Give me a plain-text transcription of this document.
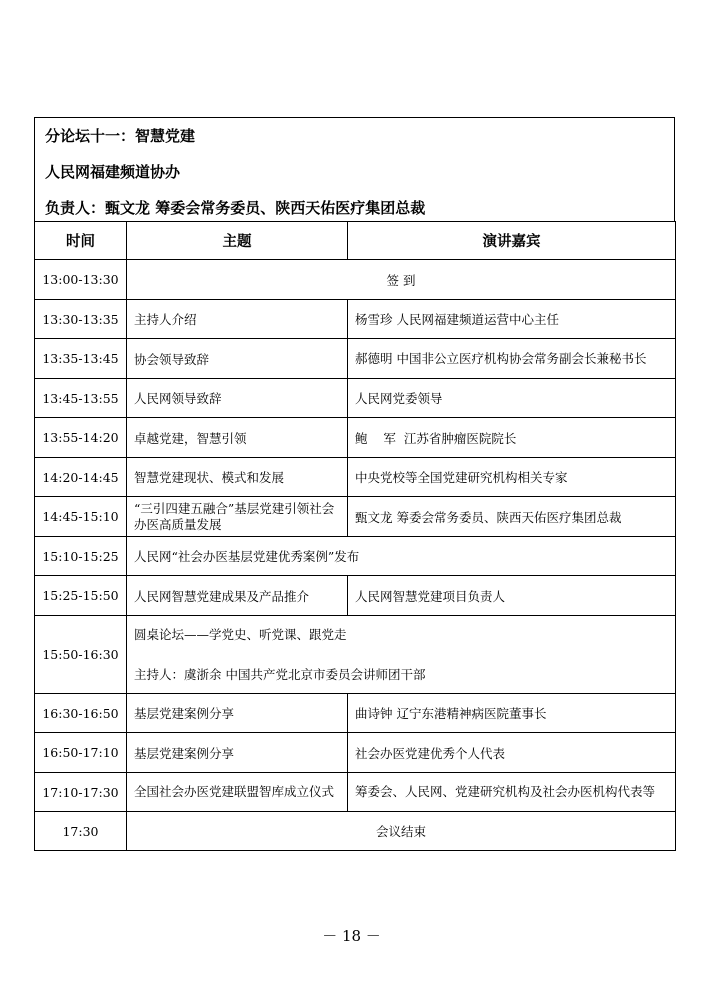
分论坛十一：智慧党建
人民网福建频道协办
负责人：甄文龙 筹委会常务委员、陕西天佑医疗集团总裁
时间	主题	演讲嘉宾
13:00-13:30	签 到	
13:30-13:35	主持人介绍	杨雪珍 人民网福建频道运营中心主任
13:35-13:45	协会领导致辞	郝德明 中国非公立医疗机构协会常务副会长兼秘书长
13:45-13:55	人民网领导致辞	人民网党委领导
13:55-14:20	卓越党建，智慧引领	鲍    军  江苏省肿瘤医院院长
14:20-14:45	智慧党建现状、模式和发展	中央党校等全国党建研究机构相关专家
14:45-15:10	“三引四建五融合”基层党建引领社会办医高质量发展	甄文龙 筹委会常务委员、陕西天佑医疗集团总裁
15:10-15:25	人民网“社会办医基层党建优秀案例”发布	
15:25-15:50	人民网智慧党建成果及产品推介	人民网智慧党建项目负责人
15:50-16:30	圆桌论坛——学党史、听党课、跟党走
主持人：虞浙余 中国共产党北京市委员会讲师团干部	

16:30-16:50	基层党建案例分享	曲诗钟 辽宁东港精神病医院董事长
16:50-17:10	基层党建案例分享	社会办医党建优秀个人代表
17:10-17:30	全国社会办医党建联盟智库成立仪式	筹委会、人民网、党建研究机构及社会办医机构代表等
17:30	会议结束	
－ 18 －
